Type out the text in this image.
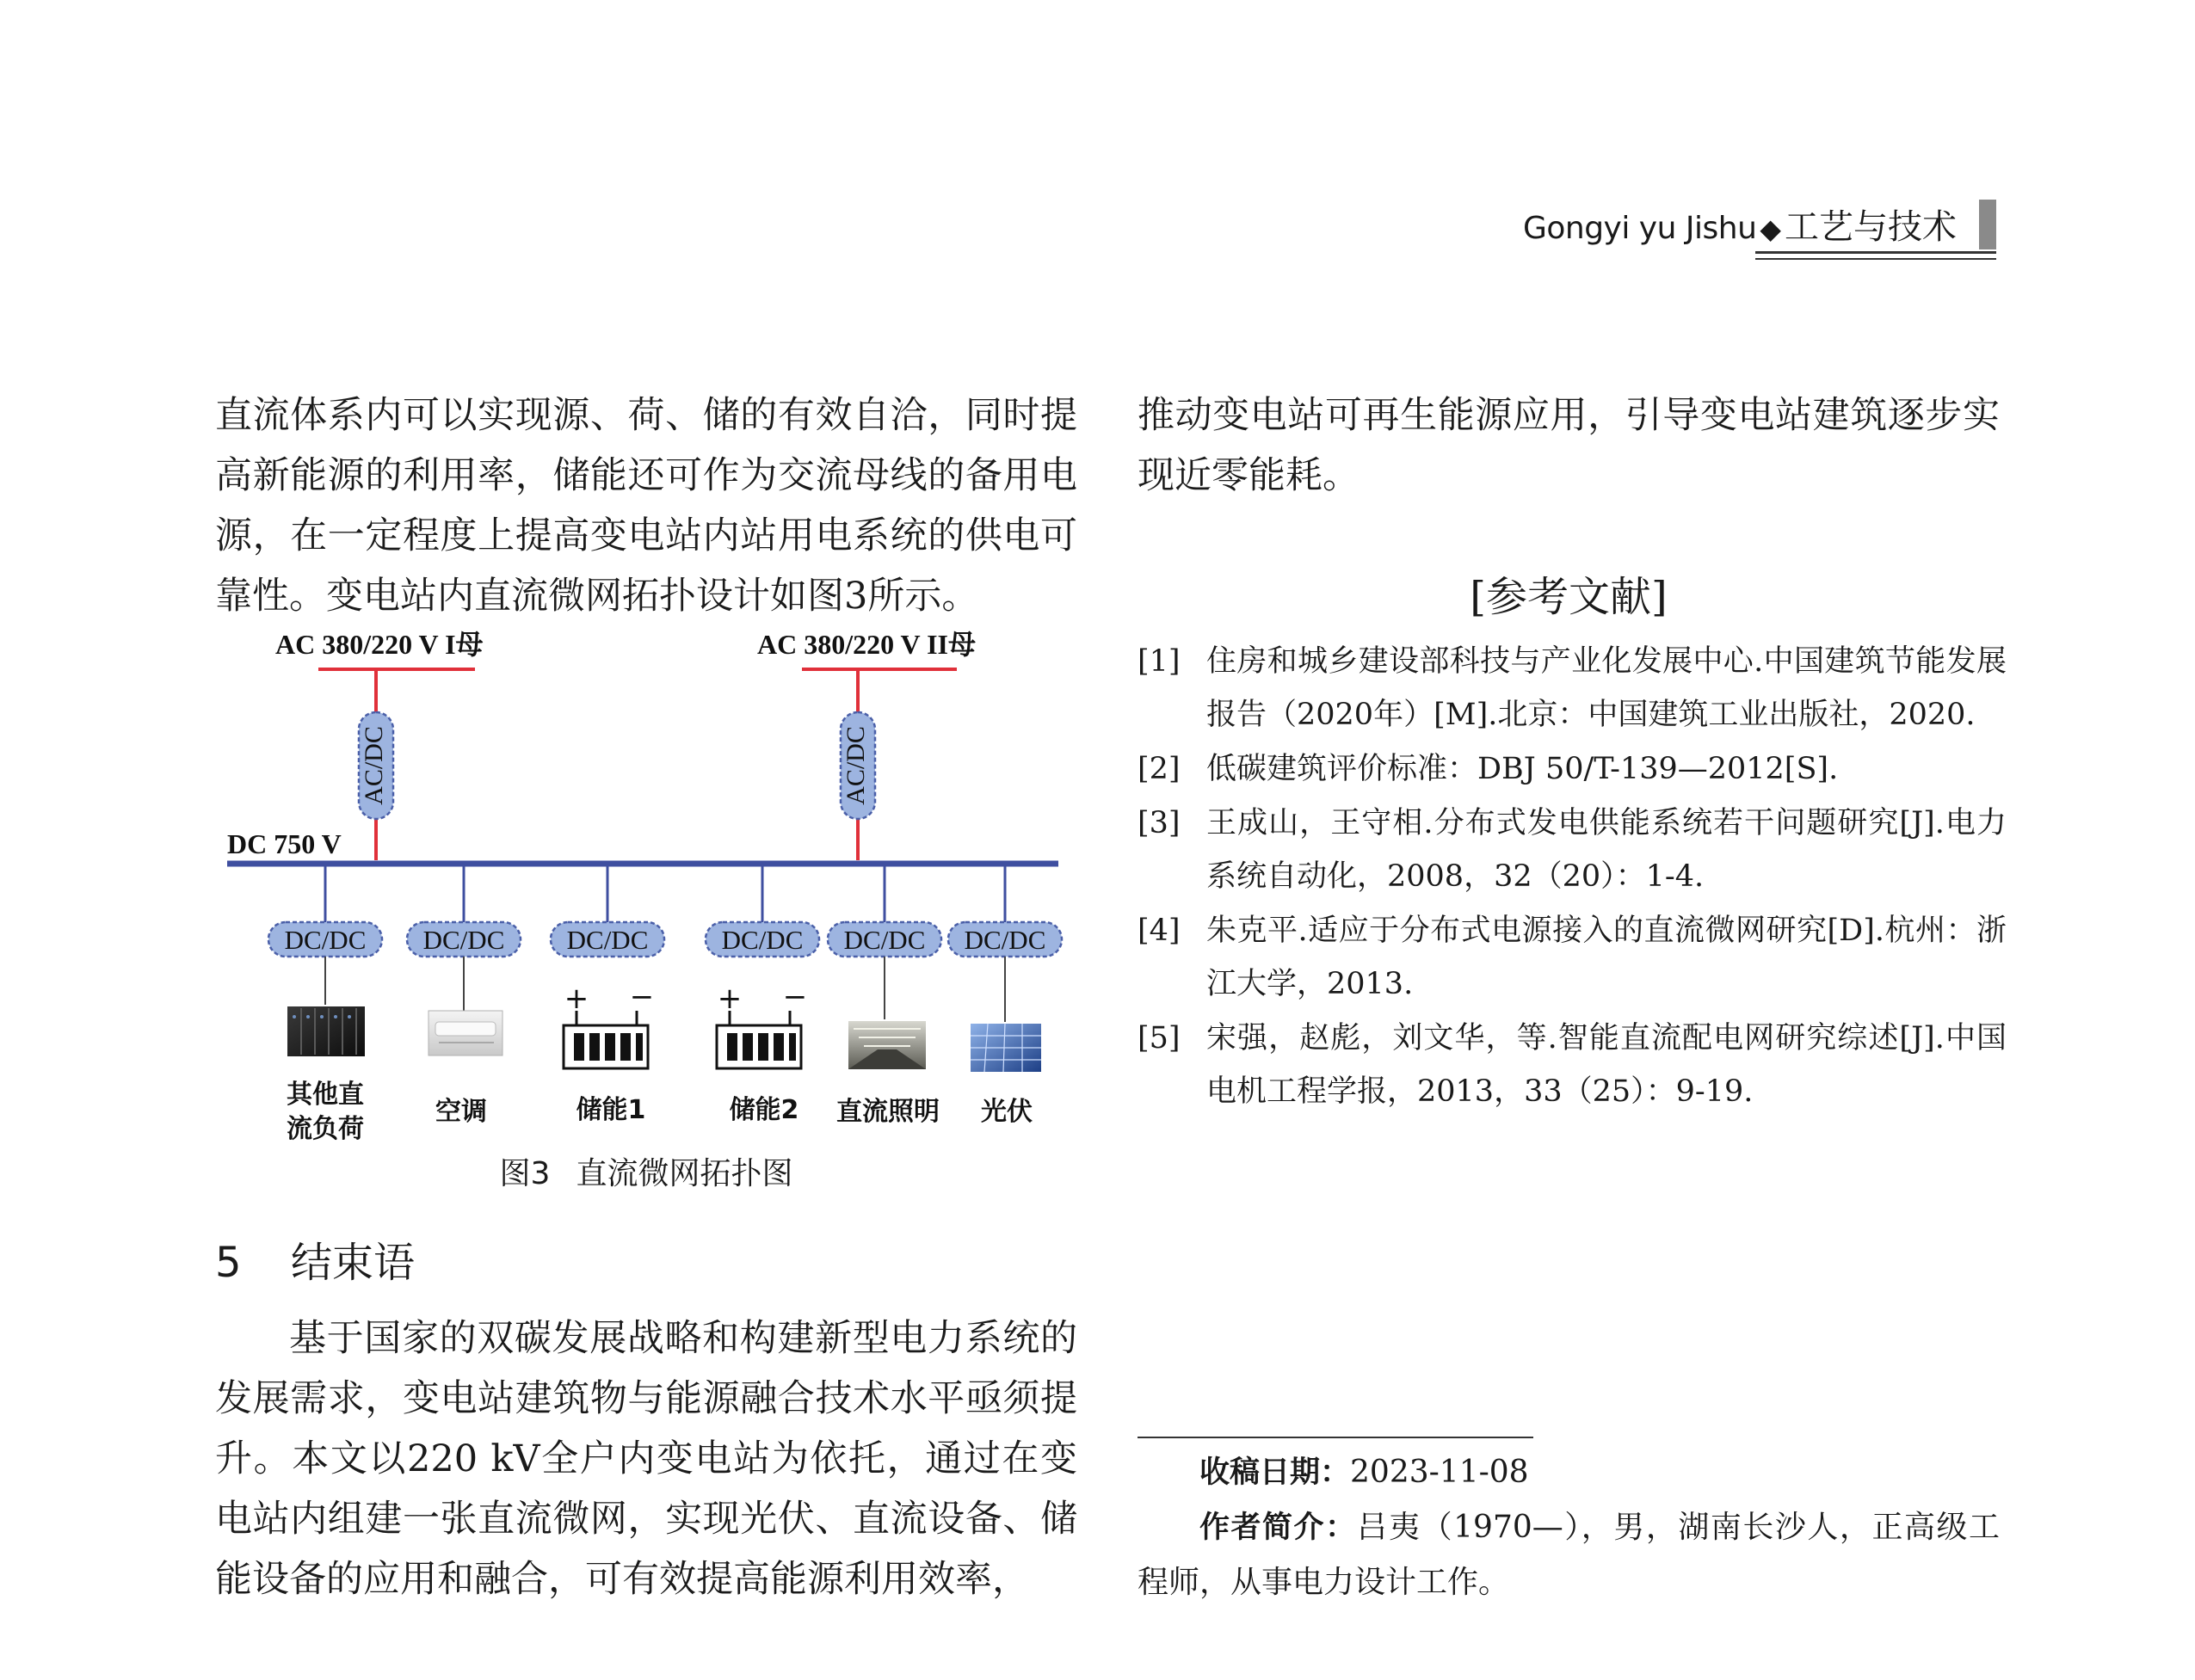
Gongyi yu Jishu ◆ 工艺与技术

直流体系内可以实现源、荷、储的有效自洽，同时提高新能源的利用率，储能还可作为交流母线的备用电源，在一定程度上提高变电站内站用电系统的供电可靠性。变电站内直流微网拓扑设计如图3所示。

推动变电站可再生能源应用，引导变电站建筑逐步实现近零能耗。

AC 380/220 V I母	AC 380/220 V II母
AC/DC	AC/DC
DC 750 V
DC/DC DC/DC DC/DC	DC/DC DC/DC DC/DC
+ − + −
其他直
流负荷
空调	储能1	储能2 直流照明 光伏
图3 直流微网拓扑图
5 结束语

基于国家的双碳发展战略和构建新型电力系统的发展需求，变电站建筑物与能源融合技术水平亟须提升。本文以220 kV全户内变电站为依托，通过在变电站内组建一张直流微网，实现光伏、直流设备、储能设备的应用和融合，可有效提高能源利用效率，

[参考文献]
[1] 住房和城乡建设部科技与产业化发展中心.中国建筑节能发展报告（2020年）[M].北京：中国建筑工业出版社，2020.
[2] 低碳建筑评价标准：DBJ 50/T-139—2012[S].
[3] 王成山，王守相.分布式发电供能系统若干问题研究[J].电力系统自动化，2008，32（20）：1-4.
[4] 朱克平.适应于分布式电源接入的直流微网研究[D].杭州：浙江大学，2013.
[5] 宋强，赵彪，刘文华，等.智能直流配电网研究综述[J].中国电机工程学报，2013，33（25）：9-19.

收稿日期：2023-11-08

作者简介：吕夷（1970—），男，湖南长沙人，正高级工程师，从事电力设计工作。
